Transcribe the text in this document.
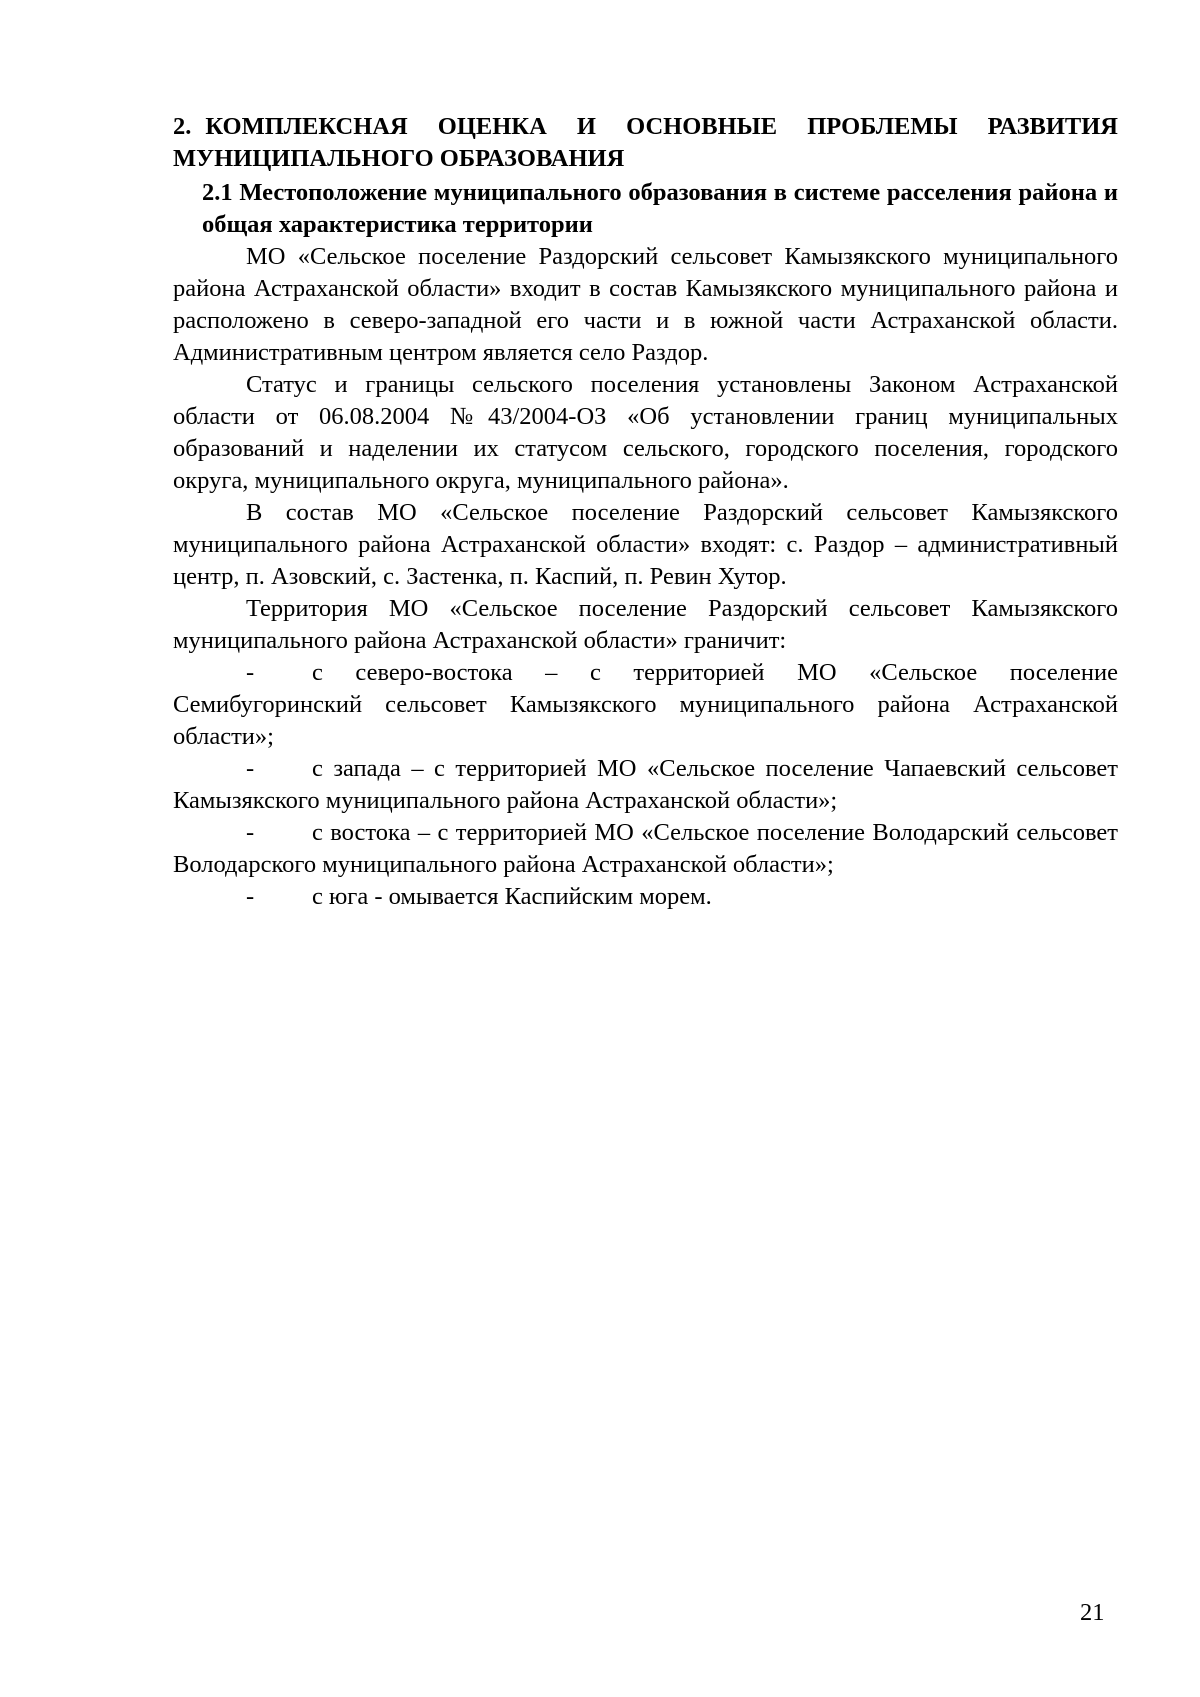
2. КОМПЛЕКСНАЯ ОЦЕНКА И ОСНОВНЫЕ ПРОБЛЕМЫ РАЗВИТИЯ МУНИЦИПАЛЬНОГО ОБРАЗОВАНИЯ

2.1 Местоположение муниципального образования в системе расселения района и общая характеристика территории

МО «Сельское поселение Раздорский сельсовет Камызякского муниципального района Астраханской области» входит в состав Камызякского муниципального района и расположено в северо-западной его части и в южной части Астраханской области. Административным центром является село Раздор.

Статус и границы сельского поселения установлены Законом Астраханской области от 06.08.2004 №43/2004-ОЗ «Об установлении границ муниципальных образований и наделении их статусом сельского, городского поселения, городского округа, муниципального округа, муниципального района».

В состав МО «Сельское поселение Раздорский сельсовет Камызякского муниципального района Астраханской области» входят: с. Раздор – административный центр, п. Азовский, с. Застенка, п. Каспий, п. Ревин Хутор.

Территория МО «Сельское поселение Раздорский сельсовет Камызякского муниципального района Астраханской области» граничит:

- с северо-востока – с территорией МО «Сельское поселение Семибугоринский сельсовет Камызякского муниципального района Астраханской области»;

- с запада – с территорией МО «Сельское поселение Чапаевский сельсовет Камызякского муниципального района Астраханской области»;

- с востока – с территорией МО «Сельское поселение Володарский сельсовет Володарского муниципального района Астраханской области»;

- с юга - омывается Каспийским морем.

21
